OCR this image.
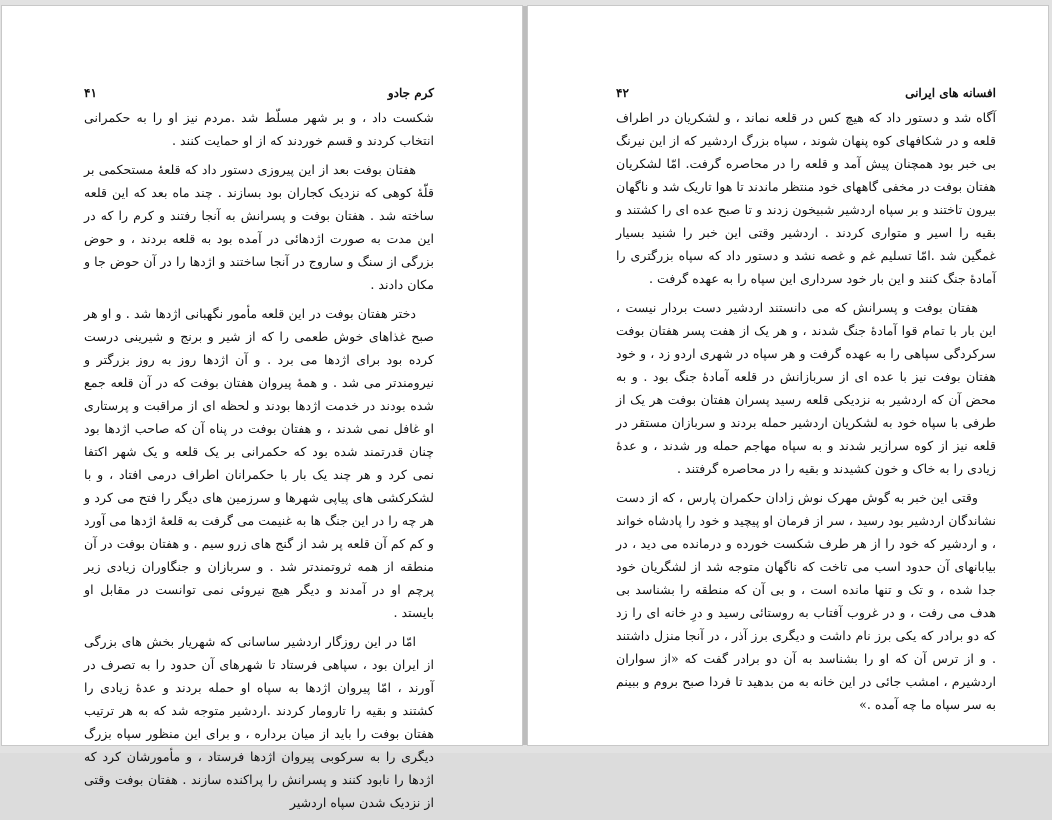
کرم جادو
۴۱

شکست داد ، و بر شهر مسلّط شد .مردم نیز او را به حکمرانی انتخاب کردند و قسم خوردند که از او حمایت کنند .

هفتان بوفت بعد از این پیروزی دستور داد که قلعهٔ مستحکمی بر قلّهٔ کوهی که نزدیک کجاران بود بسازند . چند ماه بعد که این قلعه ساخته شد . هفتان بوفت و پسرانش به آنجا رفتند و کرم را که در این مدت به صورت اژدهائی در آمده بود به قلعه بردند ، و حوض بزرگی از سنگ و ساروج در آنجا ساختند و اژدها را در آن حوض جا و مکان دادند .

دختر هفتان بوفت در این قلعه مأمور نگهبانی اژدها شد . و او هر صبح غذاهای خوش طعمی را که از شیر و برنج و شیرینی درست کرده بود برای اژدها می برد . و آن اژدها روز به روز بزرگتر و نیرومندتر می شد . و همهٔ پیروان هفتان بوفت که در آن قلعه جمع شده بودند در خدمت اژدها بودند و لحظه ای از مراقبت و پرستاری او غافل نمی شدند ، و هفتان بوفت در پناه آن که صاحب اژدها بود چنان قدرتمند شده بود که حکمرانی بر یک قلعه و یک شهر اکتفا نمی کرد و هر چند یک بار با حکمرانان اطراف درمی افتاد ، و با لشکرکشی های پیاپی شهرها و سرزمین های دیگر را فتح می کرد و هر چه را در این جنگ ها به غنیمت می گرفت به قلعهٔ اژدها می آورد و کم کم آن قلعه پر شد از گنج های زرو سیم . و هفتان بوفت در آن منطقه از همه ثروتمندتر شد . و سربازان و جنگاوران زیادی زیر پرچم او در آمدند و دیگر هیچ نیروئی نمی توانست در مقابل او بایستد .

امّا در این روزگار اردشیر ساسانی که شهریار بخش های بزرگی از ایران بود ، سپاهی فرستاد تا شهرهای آن حدود را به تصرف در آورند ، امّا پیروان اژدها به سپاه او حمله بردند و عدهٔ زیادی را کشتند و بقیه را تارومار کردند .اردشیر متوجه شد که به هر ترتیب هفتان بوفت را باید از میان برداره ، و برای این منظور سپاه بزرگ دیگری را به سرکوبی پیروان اژدها فرستاد ، و مأمورشان کرد که اژدها را نابود کنند و پسرانش را پراکنده سازند . هفتان بوفت وقتی از نزدیک شدن سپاه اردشیر

افسانه های ایرانی
۴۲

آگاه شد و دستور داد که هیچ کس در قلعه نماند ، و لشکریان در اطراف قلعه و در شکافهای کوه پنهان شوند ، سپاه بزرگ اردشیر که از این نیرنگ بی خبر بود همچنان پیش آمد و قلعه را در محاصره گرفت. امّا لشکریان هفتان بوفت در مخفی گاههای خود منتظر ماندند تا هوا تاریک شد و ناگهان بیرون تاختند و بر سپاه اردشیر شبیخون زدند و تا صبح عده ای را کشتند و بقیه را اسیر و متواری کردند . اردشیر وقتی این خبر را شنید بسیار غمگین شد .امّا تسلیم غم و غصه نشد و دستور داد که سپاه بزرگتری را آمادهٔ جنگ کنند و این بار خود سرداری این سپاه را به عهده گرفت .

هفتان بوفت و پسرانش که می دانستند اردشیر دست بردار نیست ، این بار با تمام قوا آمادهٔ جنگ شدند ، و هر یک از هفت پسر هفتان بوفت سرکردگی سپاهی را به عهده گرفت و هر سپاه در شهری اردو زد ، و خود هفتان بوفت نیز با عده ای از سربازانش در قلعه آمادهٔ جنگ بود . و به محض آن که اردشیر به نزدیکی قلعه رسید پسران هفتان بوفت هر یک از طرفی با سپاه خود به لشکریان اردشیر حمله بردند و سربازان مستقر در قلعه نیز از کوه سرازیر شدند و به سپاه مهاجم حمله ور شدند ، و عدهٔ زیادی را به خاک و خون کشیدند و بقیه را در محاصره گرفتند .

وقتی این خبر به گوش مهرک نوش زادان حکمران پارس ، که از دست نشاندگان اردشیر بود رسید ، سر از فرمان او پیچید و خود را پادشاه خواند ، و اردشیر که خود را از هر طرف شکست خورده و درمانده می دید ، در بیابانهای آن حدود اسب می تاخت که ناگهان متوجه شد از لشگریان خود جدا شده ، و تک و تنها مانده است ، و بی آن که منطقه را بشناسد بی هدف می رفت ، و در غروب آفتاب به روستائی رسید و درِ خانه ای را زد که دو برادر که یکی برز نام داشت و دیگری برز آذر ، در آنجا منزل داشتند . و از ترس آن که او را بشناسد به آن دو برادر گفت که «از سواران اردشیرم ، امشب جائی در این خانه به من بدهید تا فردا صبح بروم و ببینم به سر سپاه ما چه آمده .»
